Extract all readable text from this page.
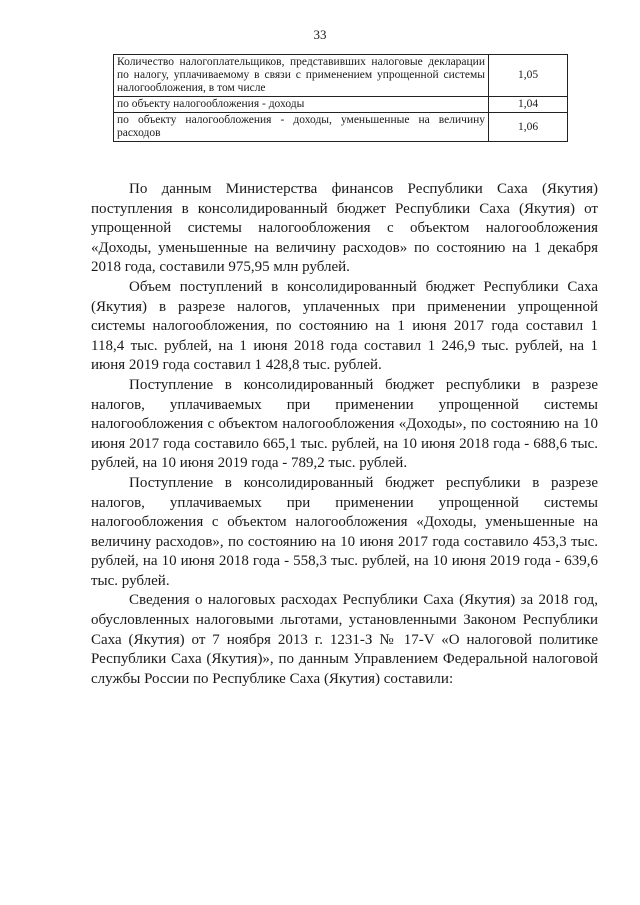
33
Количество налогоплательщиков, представивших налоговые декларации по налогу, уплачиваемому в связи с применением упрощенной системы налогообложения, в том числе	1,05
по объекту налогообложения - доходы	1,04
по объекту налогообложения - доходы, уменьшенные на величину расходов	1,06

По данным Министерства финансов Республики Саха (Якутия) поступления в консолидированный бюджет Республики Саха (Якутия) от упрощенной системы налогообложения с объектом налогообложения «Доходы, уменьшенные на величину расходов» по состоянию на 1 декабря 2018 года, составили 975,95 млн рублей.

Объем поступлений в консолидированный бюджет Республики Саха (Якутия) в разрезе налогов, уплаченных при применении упрощенной системы налогообложения, по состоянию на 1 июня 2017 года составил 1 118,4 тыс. рублей, на 1 июня 2018 года составил 1 246,9 тыс. рублей, на 1 июня 2019 года составил 1 428,8 тыс. рублей.

Поступление в консолидированный бюджет республики в разрезе налогов, уплачиваемых при применении упрощенной системы налогообложения с объектом налогообложения «Доходы», по состоянию на 10 июня 2017 года составило 665,1 тыс. рублей, на 10 июня 2018 года - 688,6 тыс. рублей, на 10 июня 2019 года - 789,2 тыс. рублей.

Поступление в консолидированный бюджет республики в разрезе налогов, уплачиваемых при применении упрощенной системы налогообложения с объектом налогообложения «Доходы, уменьшенные на величину расходов», по состоянию на 10 июня 2017 года составило 453,3 тыс. рублей, на 10 июня 2018 года - 558,3 тыс. рублей, на 10 июня 2019 года - 639,6 тыс. рублей.

Сведения о налоговых расходах Республики Саха (Якутия) за 2018 год, обусловленных налоговыми льготами, установленными Законом Республики Саха (Якутия) от 7 ноября 2013 г. 1231-З № 17-V «О налоговой политике Республики Саха (Якутия)», по данным Управлением Федеральной налоговой службы России по Республике Саха (Якутия) составили:
